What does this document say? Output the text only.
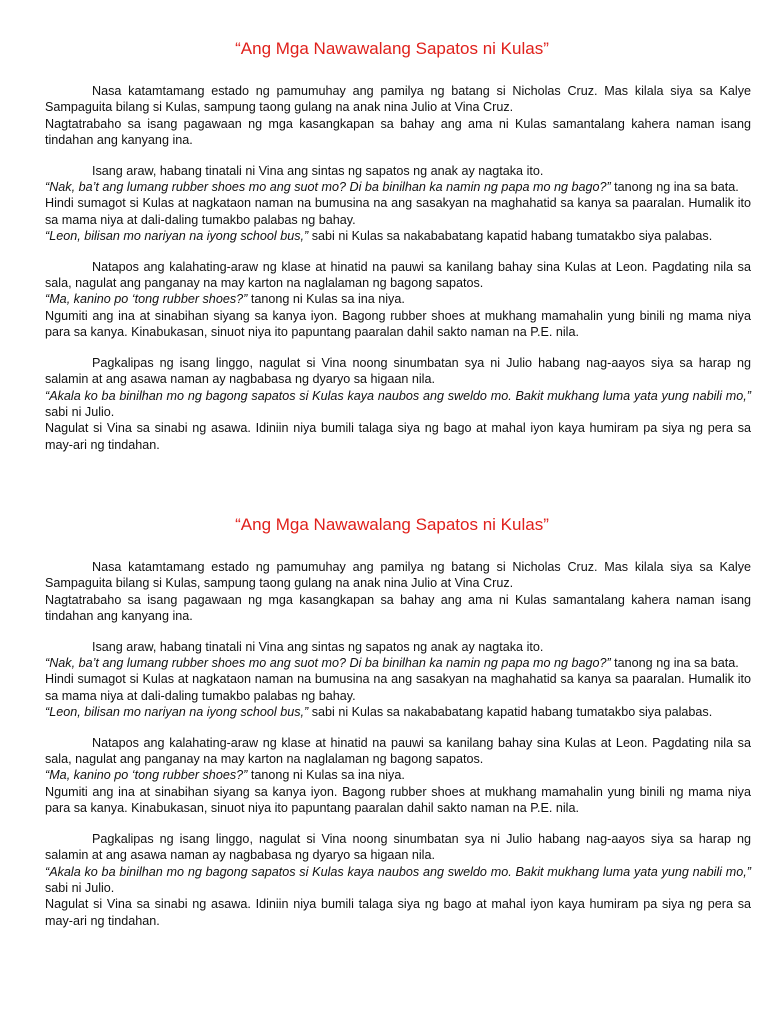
“Ang Mga Nawawalang Sapatos ni Kulas”

Nasa katamtamang estado ng pamumuhay ang pamilya ng batang si Nicholas Cruz. Mas kilala siya sa Kalye Sampaguita bilang si Kulas, sampung taong gulang na anak nina Julio at Vina Cruz.

Nagtatrabaho sa isang pagawaan ng mga kasangkapan sa bahay ang ama ni Kulas samantalang kahera naman isang tindahan ang kanyang ina.

Isang araw, habang tinatali ni Vina ang sintas ng sapatos ng anak ay nagtaka ito.

“Nak, ba’t ang lumang rubber shoes mo ang suot mo? Di ba binilhan ka namin ng papa mo ng bago?” tanong ng ina sa bata.

Hindi sumagot si Kulas at nagkataon naman na bumusina na ang sasakyan na maghahatid sa kanya sa paaralan. Humalik ito sa mama niya at dali-daling tumakbo palabas ng bahay.

“Leon, bilisan mo nariyan na iyong school bus,” sabi ni Kulas sa nakababatang kapatid habang tumatakbo siya palabas.

Natapos ang kalahating-araw ng klase at hinatid na pauwi sa kanilang bahay sina Kulas at Leon. Pagdating nila sa sala, nagulat ang panganay na may karton na naglalaman ng bagong sapatos.

“Ma, kanino po ‘tong rubber shoes?” tanong ni Kulas sa ina niya.

Ngumiti ang ina at sinabihan siyang sa kanya iyon. Bagong rubber shoes at mukhang mamahalin yung binili ng mama niya para sa kanya. Kinabukasan, sinuot niya ito papuntang paaralan dahil sakto naman na P.E. nila.

Pagkalipas ng isang linggo, nagulat si Vina noong sinumbatan sya ni Julio habang nag-aayos siya sa harap ng salamin at ang asawa naman ay nagbabasa ng dyaryo sa higaan nila.

“Akala ko ba binilhan mo ng bagong sapatos si Kulas kaya naubos ang sweldo mo. Bakit mukhang luma yata yung nabili mo,” sabi ni Julio.

Nagulat si Vina sa sinabi ng asawa. Idiniin niya bumili talaga siya ng bago at mahal iyon kaya humiram pa siya ng pera sa may-ari ng tindahan.

“Ang Mga Nawawalang Sapatos ni Kulas”

Nasa katamtamang estado ng pamumuhay ang pamilya ng batang si Nicholas Cruz. Mas kilala siya sa Kalye Sampaguita bilang si Kulas, sampung taong gulang na anak nina Julio at Vina Cruz.

Nagtatrabaho sa isang pagawaan ng mga kasangkapan sa bahay ang ama ni Kulas samantalang kahera naman isang tindahan ang kanyang ina.

Isang araw, habang tinatali ni Vina ang sintas ng sapatos ng anak ay nagtaka ito.

“Nak, ba’t ang lumang rubber shoes mo ang suot mo? Di ba binilhan ka namin ng papa mo ng bago?” tanong ng ina sa bata.

Hindi sumagot si Kulas at nagkataon naman na bumusina na ang sasakyan na maghahatid sa kanya sa paaralan. Humalik ito sa mama niya at dali-daling tumakbo palabas ng bahay.

“Leon, bilisan mo nariyan na iyong school bus,” sabi ni Kulas sa nakababatang kapatid habang tumatakbo siya palabas.

Natapos ang kalahating-araw ng klase at hinatid na pauwi sa kanilang bahay sina Kulas at Leon. Pagdating nila sa sala, nagulat ang panganay na may karton na naglalaman ng bagong sapatos.

“Ma, kanino po ‘tong rubber shoes?” tanong ni Kulas sa ina niya.

Ngumiti ang ina at sinabihan siyang sa kanya iyon. Bagong rubber shoes at mukhang mamahalin yung binili ng mama niya para sa kanya. Kinabukasan, sinuot niya ito papuntang paaralan dahil sakto naman na P.E. nila.

Pagkalipas ng isang linggo, nagulat si Vina noong sinumbatan sya ni Julio habang nag-aayos siya sa harap ng salamin at ang asawa naman ay nagbabasa ng dyaryo sa higaan nila.

“Akala ko ba binilhan mo ng bagong sapatos si Kulas kaya naubos ang sweldo mo. Bakit mukhang luma yata yung nabili mo,” sabi ni Julio.

Nagulat si Vina sa sinabi ng asawa. Idiniin niya bumili talaga siya ng bago at mahal iyon kaya humiram pa siya ng pera sa may-ari ng tindahan.
